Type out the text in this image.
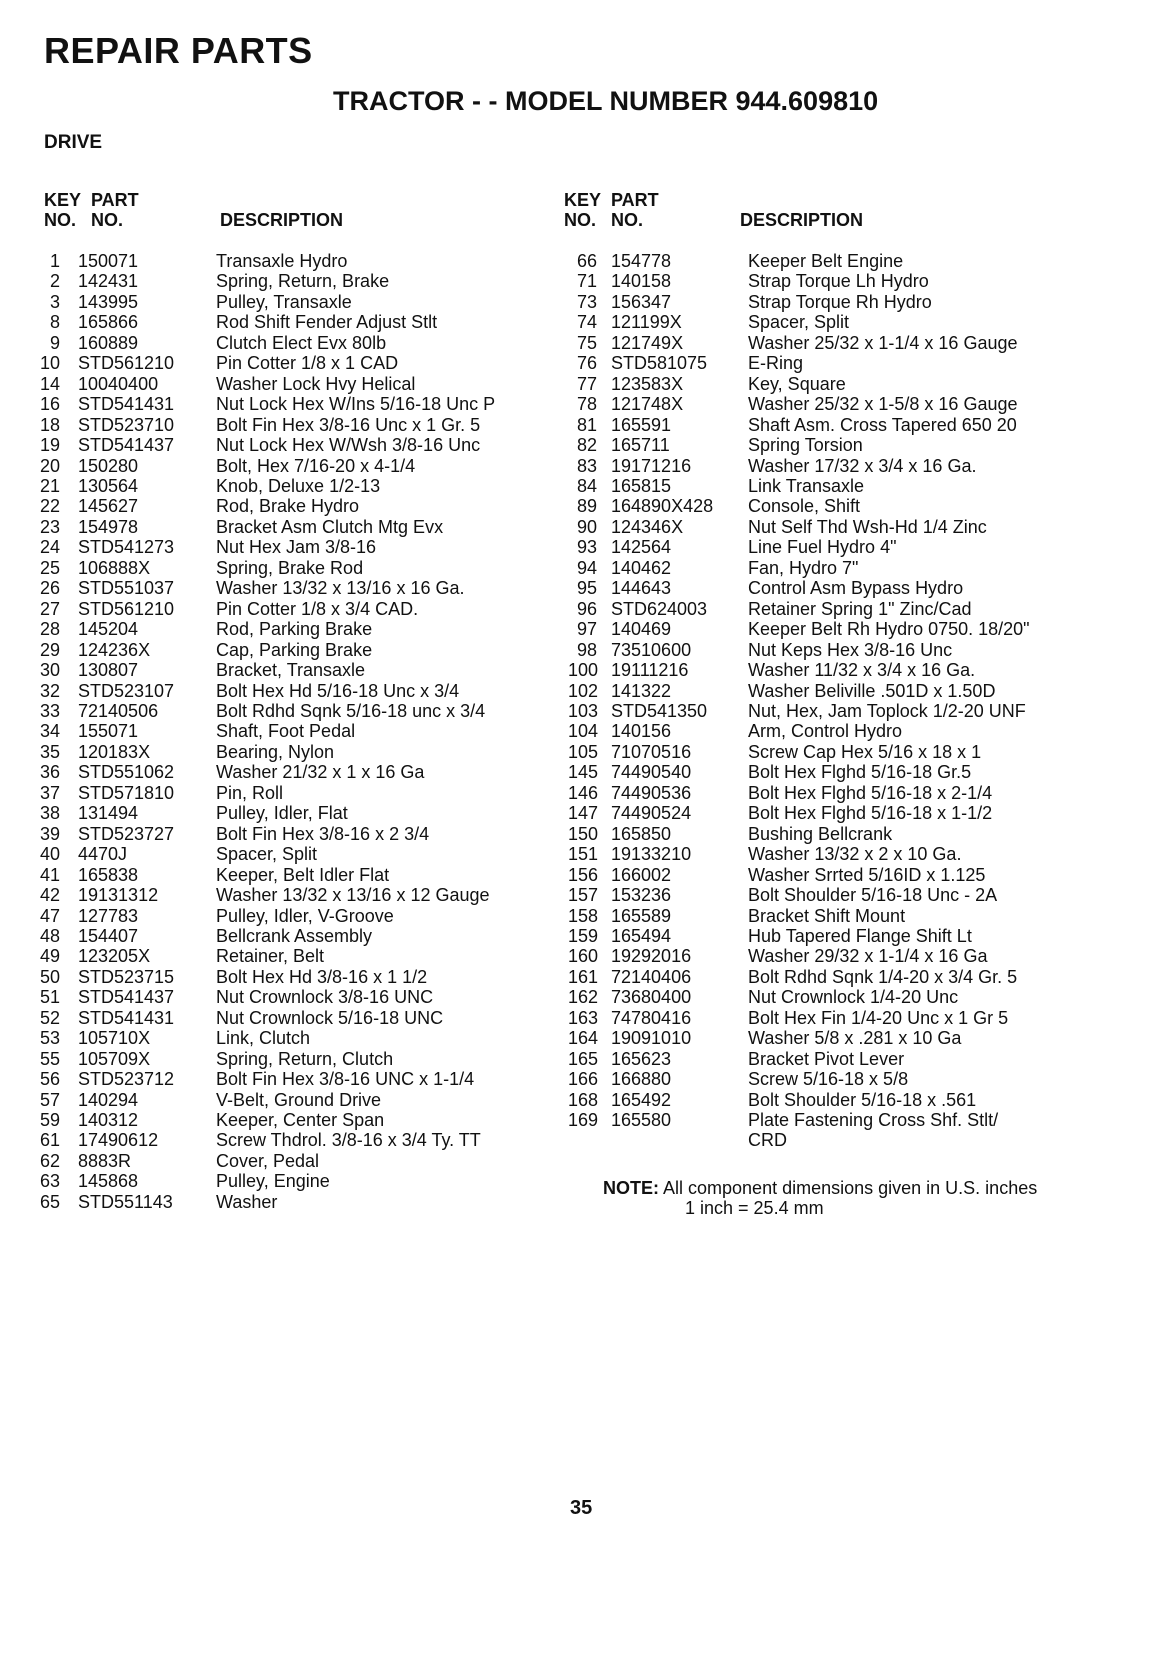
REPAIR PARTS
TRACTOR - - MODEL NUMBER 944.609810
DRIVE
KEY PART
NO. NO.	DESCRIPTION
KEY PART
NO. NO.	DESCRIPTION
1 150071	Transaxle Hydro
2 142431	Spring, Return, Brake
3 143995	Pulley, Transaxle
8 165866	Rod Shift Fender Adjust Stlt
9 160889	Clutch Elect Evx 80lb
10 STD561210	Pin Cotter 1/8 x 1 CAD
14 10040400	Washer Lock Hvy Helical
16 STD541431	Nut Lock Hex W/Ins 5/16-18 Unc P
18 STD523710	Bolt Fin Hex 3/8-16 Unc x 1 Gr. 5
19 STD541437	Nut Lock Hex W/Wsh 3/8-16 Unc
20 150280	Bolt, Hex 7/16-20 x 4-1/4
21 130564	Knob, Deluxe 1/2-13
22 145627	Rod, Brake Hydro
23 154978	Bracket Asm Clutch Mtg Evx
24 STD541273	Nut Hex Jam 3/8-16
25 106888X	Spring, Brake Rod
26 STD551037	Washer 13/32 x 13/16 x 16 Ga.
27 STD561210	Pin Cotter 1/8 x 3/4 CAD.
28 145204	Rod, Parking Brake
29 124236X	Cap, Parking Brake
30 130807	Bracket, Transaxle
32 STD523107	Bolt Hex Hd 5/16-18 Unc x 3/4
33 72140506	Bolt Rdhd Sqnk 5/16-18 unc x 3/4
34 155071	Shaft, Foot Pedal
35 120183X	Bearing, Nylon
36 STD551062	Washer 21/32 x 1 x 16 Ga
37 STD571810	Pin, Roll
38 131494	Pulley, Idler, Flat
39 STD523727	Bolt Fin Hex 3/8-16 x 2 3/4
40 4470J	Spacer, Split
41 165838	Keeper, Belt Idler Flat
42 19131312	Washer 13/32 x 13/16 x 12 Gauge
47 127783	Pulley, Idler, V-Groove
48 154407	Bellcrank Assembly
49 123205X	Retainer, Belt
50 STD523715	Bolt Hex Hd 3/8-16 x 1 1/2
51 STD541437	Nut Crownlock 3/8-16 UNC
52 STD541431	Nut Crownlock 5/16-18 UNC
53 105710X	Link, Clutch
55 105709X	Spring, Return, Clutch
56 STD523712	Bolt Fin Hex 3/8-16 UNC x 1-1/4
57 140294	V-Belt, Ground Drive
59 140312	Keeper, Center Span
61 17490612	Screw Thdrol. 3/8-16 x 3/4 Ty. TT
62 8883R	Cover, Pedal
63 145868	Pulley, Engine
65 STD551143	Washer
66 154778	Keeper Belt Engine
71 140158	Strap Torque Lh Hydro
73 156347	Strap Torque Rh Hydro
74 121199X	Spacer, Split
75 121749X	Washer 25/32 x 1-1/4 x 16 Gauge
76 STD581075	E-Ring
77 123583X	Key, Square
78 121748X	Washer 25/32 x 1-5/8 x 16 Gauge
81 165591	Shaft Asm. Cross Tapered 650 20
82 165711	Spring Torsion
83 19171216	Washer 17/32 x 3/4 x 16 Ga.
84 165815	Link Transaxle
89 164890X428	Console, Shift
90 124346X	Nut Self Thd Wsh-Hd 1/4 Zinc
93 142564	Line Fuel Hydro 4"
94 140462	Fan, Hydro 7"
95 144643	Control Asm Bypass Hydro
96 STD624003	Retainer Spring 1" Zinc/Cad
97 140469	Keeper Belt Rh Hydro 0750. 18/20"
98 73510600	Nut Keps Hex 3/8-16 Unc
100 19111216	Washer 11/32 x 3/4 x 16 Ga.
102 141322	Washer Beliville .501D x 1.50D
103 STD541350	Nut, Hex, Jam Toplock 1/2-20 UNF
104 140156	Arm, Control Hydro
105 71070516	Screw Cap Hex 5/16 x 18 x 1
145 74490540	Bolt Hex Flghd 5/16-18 Gr.5
146 74490536	Bolt Hex Flghd 5/16-18 x 2-1/4
147 74490524	Bolt Hex Flghd 5/16-18 x 1-1/2
150 165850	Bushing Bellcrank
151 19133210	Washer 13/32 x 2 x 10 Ga.
156 166002	Washer Srrted 5/16ID x 1.125
157 153236	Bolt Shoulder 5/16-18 Unc - 2A
158 165589	Bracket Shift Mount
159 165494	Hub Tapered Flange Shift Lt
160 19292016	Washer 29/32 x 1-1/4 x 16 Ga
161 72140406	Bolt Rdhd Sqnk 1/4-20 x 3/4 Gr. 5
162 73680400	Nut Crownlock 1/4-20 Unc
163 74780416	Bolt Hex Fin 1/4-20 Unc x 1 Gr 5
164 19091010	Washer 5/8 x .281 x 10 Ga
165 165623	Bracket Pivot Lever
166 166880	Screw 5/16-18 x 5/8
168 165492	Bolt Shoulder 5/16-18 x .561
169 165580	Plate Fastening Cross Shf. Stlt/
CRD
NOTE: All component dimensions given in U.S. inches
1 inch = 25.4 mm
35
